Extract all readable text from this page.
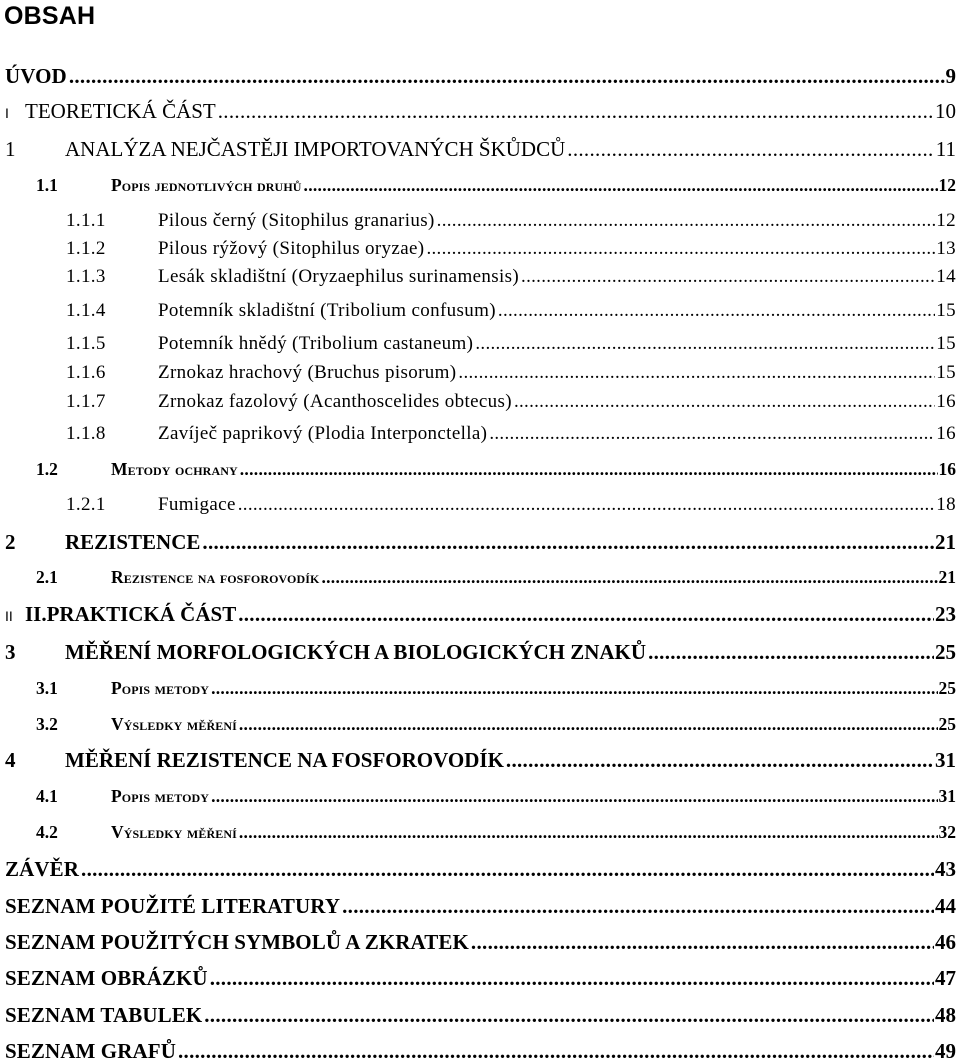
OBSAH
ÚVOD .....	9
I TEORETICKÁ ČÁST .....	10
1	ANALÝZA NEJČASTĚJI IMPORTOVANÝCH ŠKŮDCŮ .....	11
1.1	Popis jednotlivých druhů .....	12
1.1.1	Pilous černý (Sitophilus granarius) .....	12
1.1.2	Pilous rýžový (Sitophilus oryzae) .....	13
1.1.3	Lesák skladištní (Oryzaephilus surinamensis) .....	14
1.1.4	Potemník skladištní (Tribolium confusum) .....	15
1.1.5	Potemník hnědý (Tribolium castaneum) .....	15
1.1.6	Zrnokaz hrachový (Bruchus pisorum) .....	15
1.1.7	Zrnokaz fazolový (Acanthoscelides obtecus) .....	16
1.1.8	Zavíječ paprikový (Plodia Interponctella) .....	16
1.2	Metody ochrany .....	16
1.2.1	Fumigace .....	18
2	REZISTENCE .....	21
2.1	Rezistence na fosforovodík .....	21
II II.PRAKTICKÁ ČÁST .....	23
3	MĚŘENÍ MORFOLOGICKÝCH A BIOLOGICKÝCH ZNAKŮ .....	25
3.1	Popis metody .....	25
3.2	Výsledky měření .....	25
4	MĚŘENÍ REZISTENCE NA FOSFOROVODÍK .....	31
4.1	Popis metody .....	31
4.2	Výsledky měření .....	32
ZÁVĚR .....	43
SEZNAM POUŽITÉ LITERATURY .....	44
SEZNAM POUŽITÝCH SYMBOLŮ A ZKRATEK .....	46
SEZNAM OBRÁZKŮ .....	47
SEZNAM TABULEK .....	48
SEZNAM GRAFŮ .....	49
